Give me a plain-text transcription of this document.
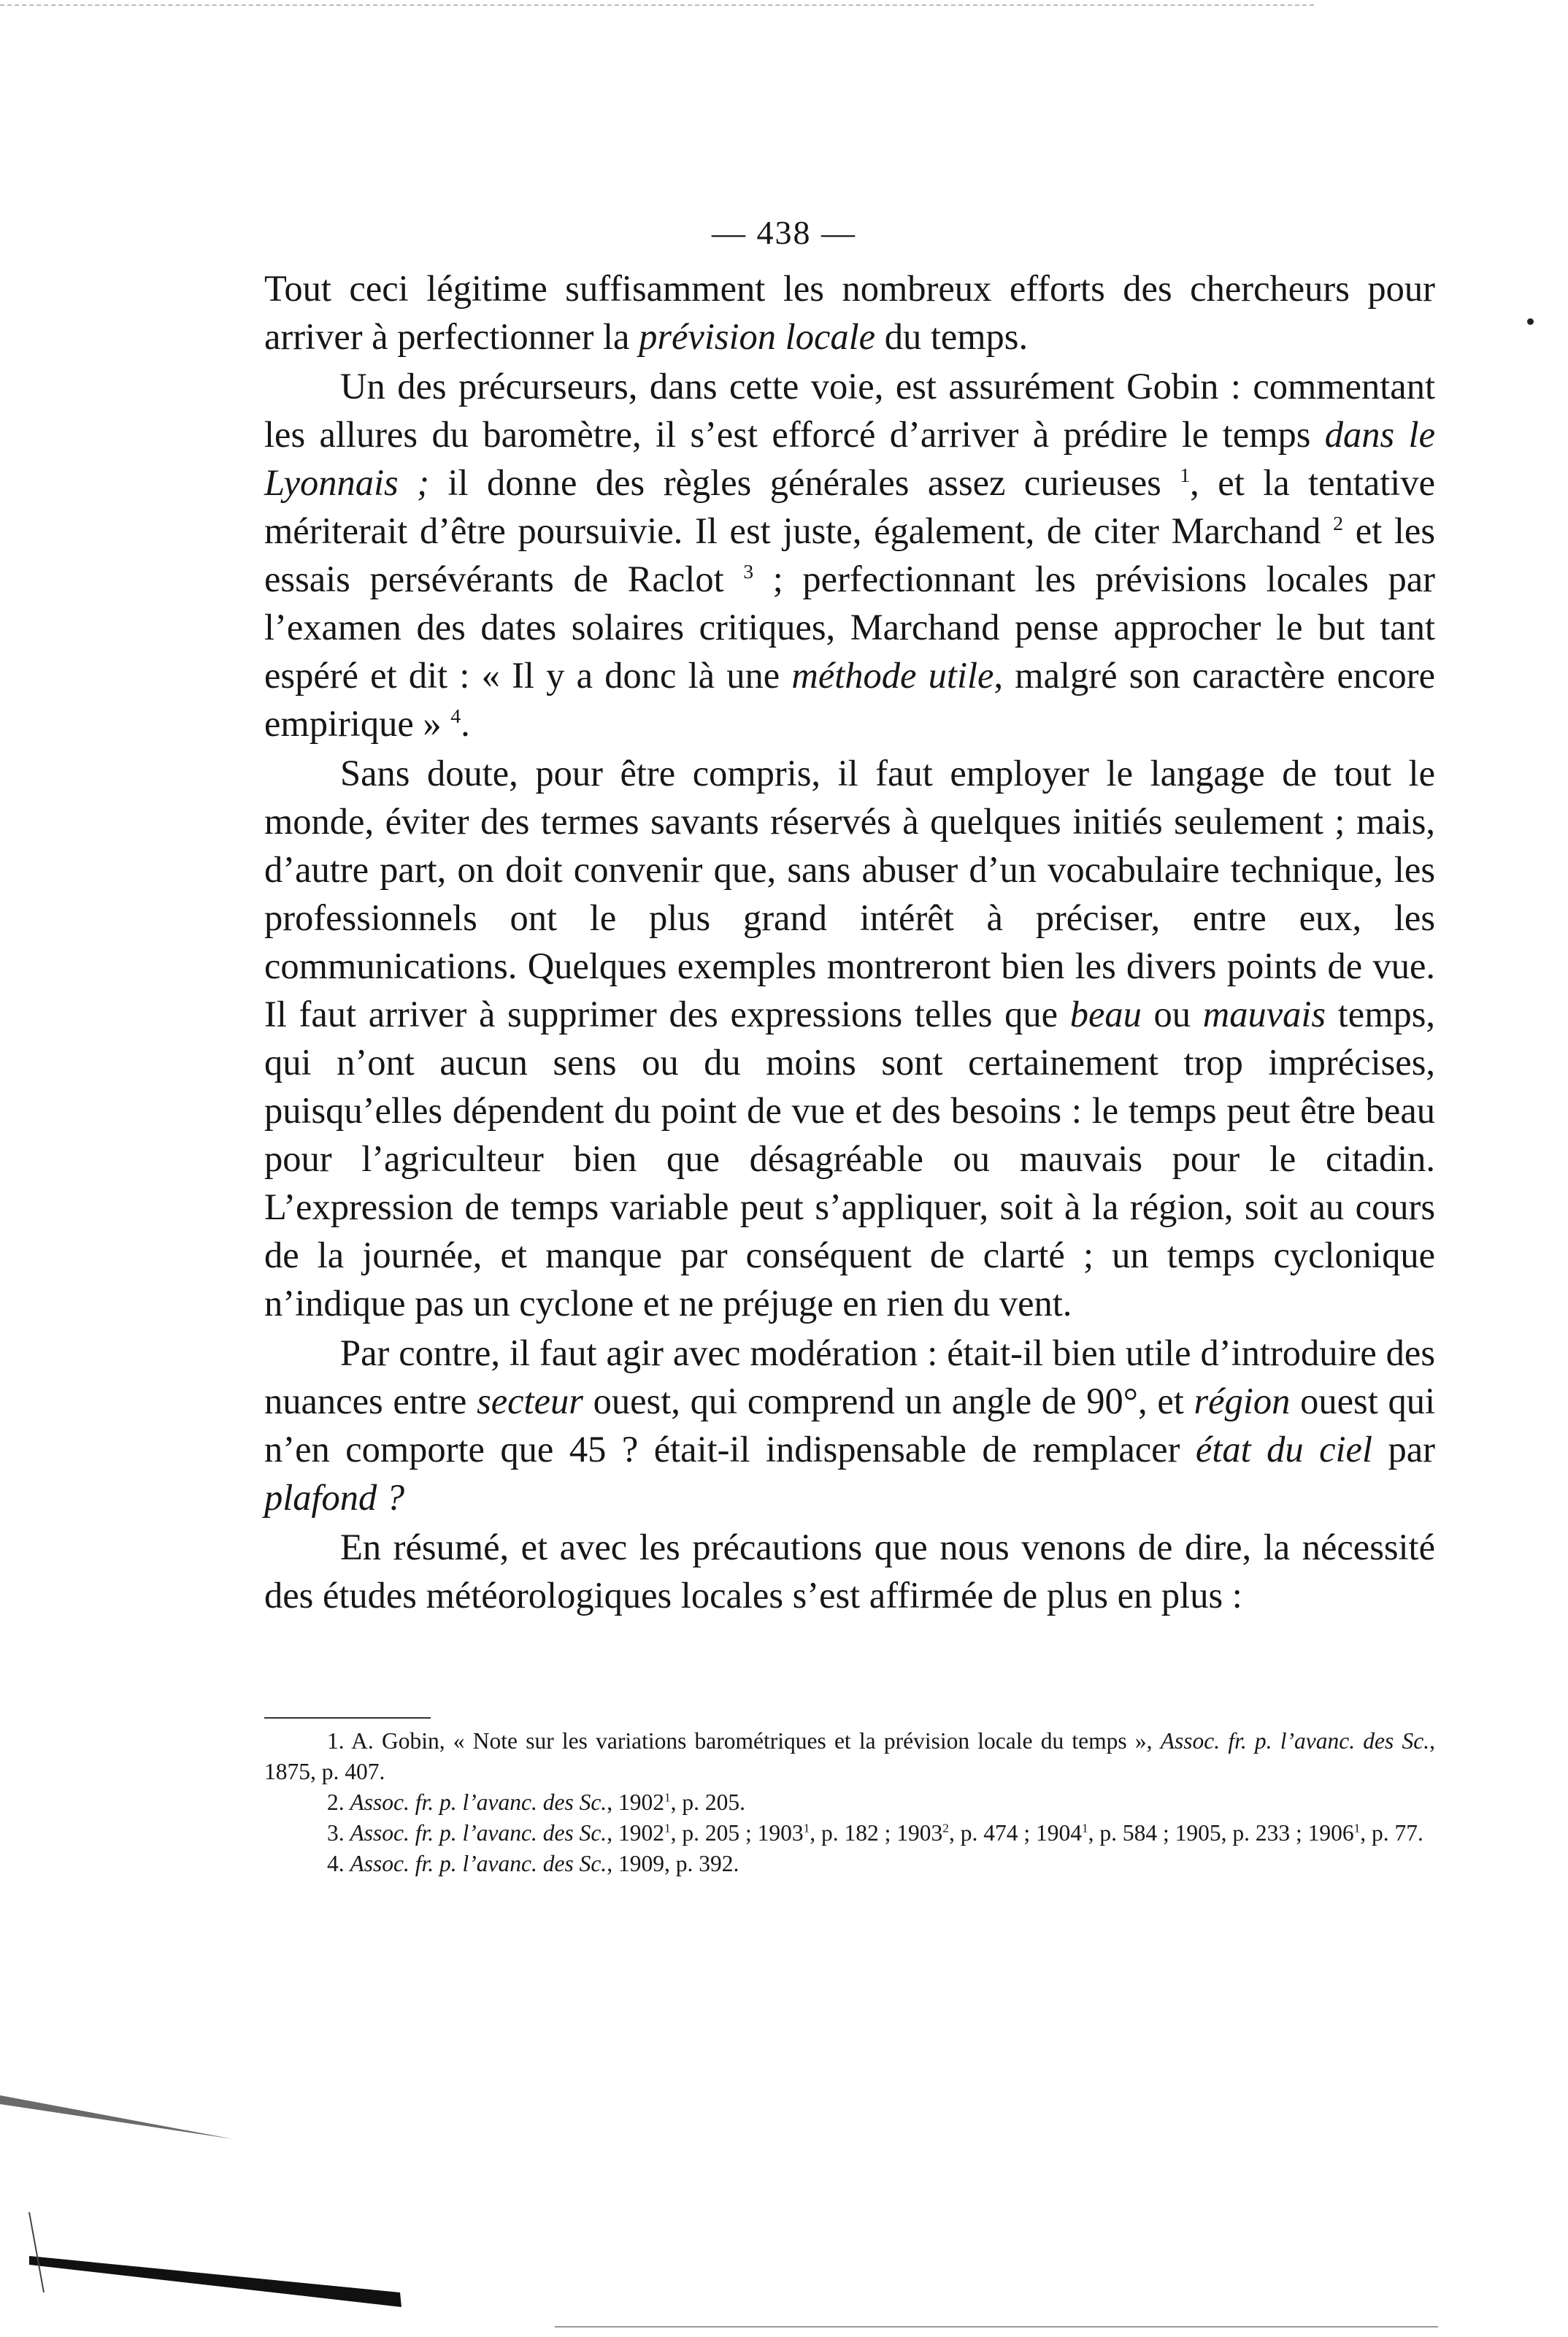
— 438 —

Tout ceci légitime suffisamment les nombreux efforts des chercheurs pour arriver à perfectionner la prévision locale du temps.

Un des précurseurs, dans cette voie, est assurément Gobin : commentant les allures du baromètre, il s’est efforcé d’arriver à prédire le temps dans le Lyonnais ; il donne des règles générales assez curieuses $^1$, et la tentative mériterait d’être poursuivie. Il est juste, également, de citer Marchand $^2$ et les essais persévérants de Raclot $^3$ ; perfectionnant les prévisions locales par l’examen des dates solaires critiques, Marchand pense approcher le but tant espéré et dit : « Il y a donc là une méthode utile, malgré son caractère encore empirique » $^4$.

Sans doute, pour être compris, il faut employer le langage de tout le monde, éviter des termes savants réservés à quelques initiés seulement ; mais, d’autre part, on doit convenir que, sans abuser d’un vocabulaire technique, les professionnels ont le plus grand intérêt à préciser, entre eux, les communications. Quelques exemples montreront bien les divers points de vue. Il faut arriver à supprimer des expressions telles que beau ou mauvais temps, qui n’ont aucun sens ou du moins sont certainement trop imprécises, puisqu’elles dépendent du point de vue et des besoins : le temps peut être beau pour l’agriculteur bien que désagréable ou mauvais pour le citadin. L’expression de temps variable peut s’appliquer, soit à la région, soit au cours de la journée, et manque par conséquent de clarté ; un temps cyclonique n’indique pas un cyclone et ne préjuge en rien du vent.

Par contre, il faut agir avec modération : était-il bien utile d’introduire des nuances entre secteur ouest, qui comprend un angle de 90°, et région ouest qui n’en comporte que 45 ? était-il indispensable de remplacer état du ciel par plafond ?

En résumé, et avec les précautions que nous venons de dire, la nécessité des études météorologiques locales s’est affirmée de plus en plus :

1. A. Gobin, « Note sur les variations barométriques et la prévision locale du temps », Assoc. fr. p. l’avanc. des Sc., 1875, p. 407.

2. Assoc. fr. p. l’avanc. des Sc., 1902$^1$, p. 205.

3. Assoc. fr. p. l’avanc. des Sc., 1902$^1$, p. 205 ; 1903$^1$, p. 182 ; 1903$^2$, p. 474 ; 1904$^1$, p. 584 ; 1905, p. 233 ; 1906$^1$, p. 77.

4. Assoc. fr. p. l’avanc. des Sc., 1909, p. 392.
